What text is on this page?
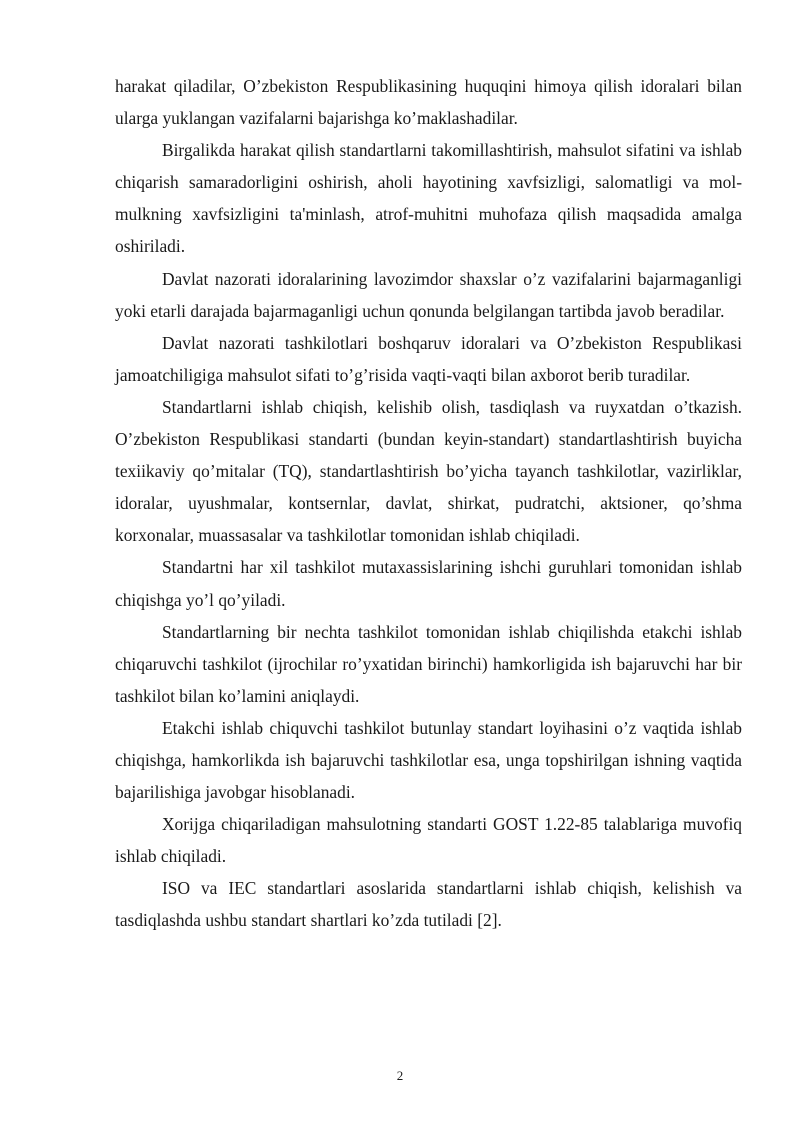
harakat qiladilar, O’zbekiston Respublikasining huquqini himoya qilish idoralari bilan ularga yuklangan vazifalarni bajarishga ko’maklashadilar.

Birgalikda harakat qilish standartlarni takomillashtirish, mahsulot sifatini va ishlab chiqarish samaradorligini oshirish, aholi hayotining xavfsizligi, salomatligi va mol-mulkning xavfsizligini ta'minlash, atrof-muhitni muhofaza qilish maqsadida amalga oshiriladi.

Davlat nazorati idoralarining lavozimdor shaxslar o’z vazifalarini bajarmaganligi yoki etarli darajada bajarmaganligi uchun qonunda belgilangan tartibda javob beradilar.

Davlat nazorati tashkilotlari boshqaruv idoralari va O’zbekiston Respublikasi jamoatchiligiga mahsulot sifati to’g’risida vaqti-vaqti bilan axborot berib turadilar.

Standartlarni ishlab chiqish, kelishib olish, tasdiqlash va ruyxatdan o’tkazish. O’zbekiston Respublikasi standarti (bundan keyin-standart) standartlashtirish buyicha texiikaviy qo’mitalar (TQ), standartlashtirish bo’yicha tayanch tashkilotlar, vazirliklar, idoralar, uyushmalar, kontsernlar, davlat, shirkat, pudratchi, aktsioner, qo’shma korxonalar, muassasalar va tashkilotlar tomonidan ishlab chiqiladi.

Standartni har xil tashkilot mutaxassislarining ishchi guruhlari tomonidan ishlab chiqishga yo’l qo’yiladi.

Standartlarning bir nechta tashkilot tomonidan ishlab chiqilishda etakchi ishlab chiqaruvchi tashkilot (ijrochilar ro’yxatidan birinchi) hamkorligida ish bajaruvchi har bir tashkilot bilan ko’lamini aniqlaydi.

Etakchi ishlab chiquvchi tashkilot butunlay standart loyihasini o’z vaqtida ishlab chiqishga, hamkorlikda ish bajaruvchi tashkilotlar esa, unga topshirilgan ishning vaqtida bajarilishiga javobgar hisoblanadi.

Xorijga chiqariladigan mahsulotning standarti GOST 1.22-85 talablariga muvofiq ishlab chiqiladi.

ISO va IEC standartlari asoslarida standartlarni ishlab chiqish, kelishish va tasdiqlashda ushbu standart shartlari ko’zda tutiladi [2].

2
